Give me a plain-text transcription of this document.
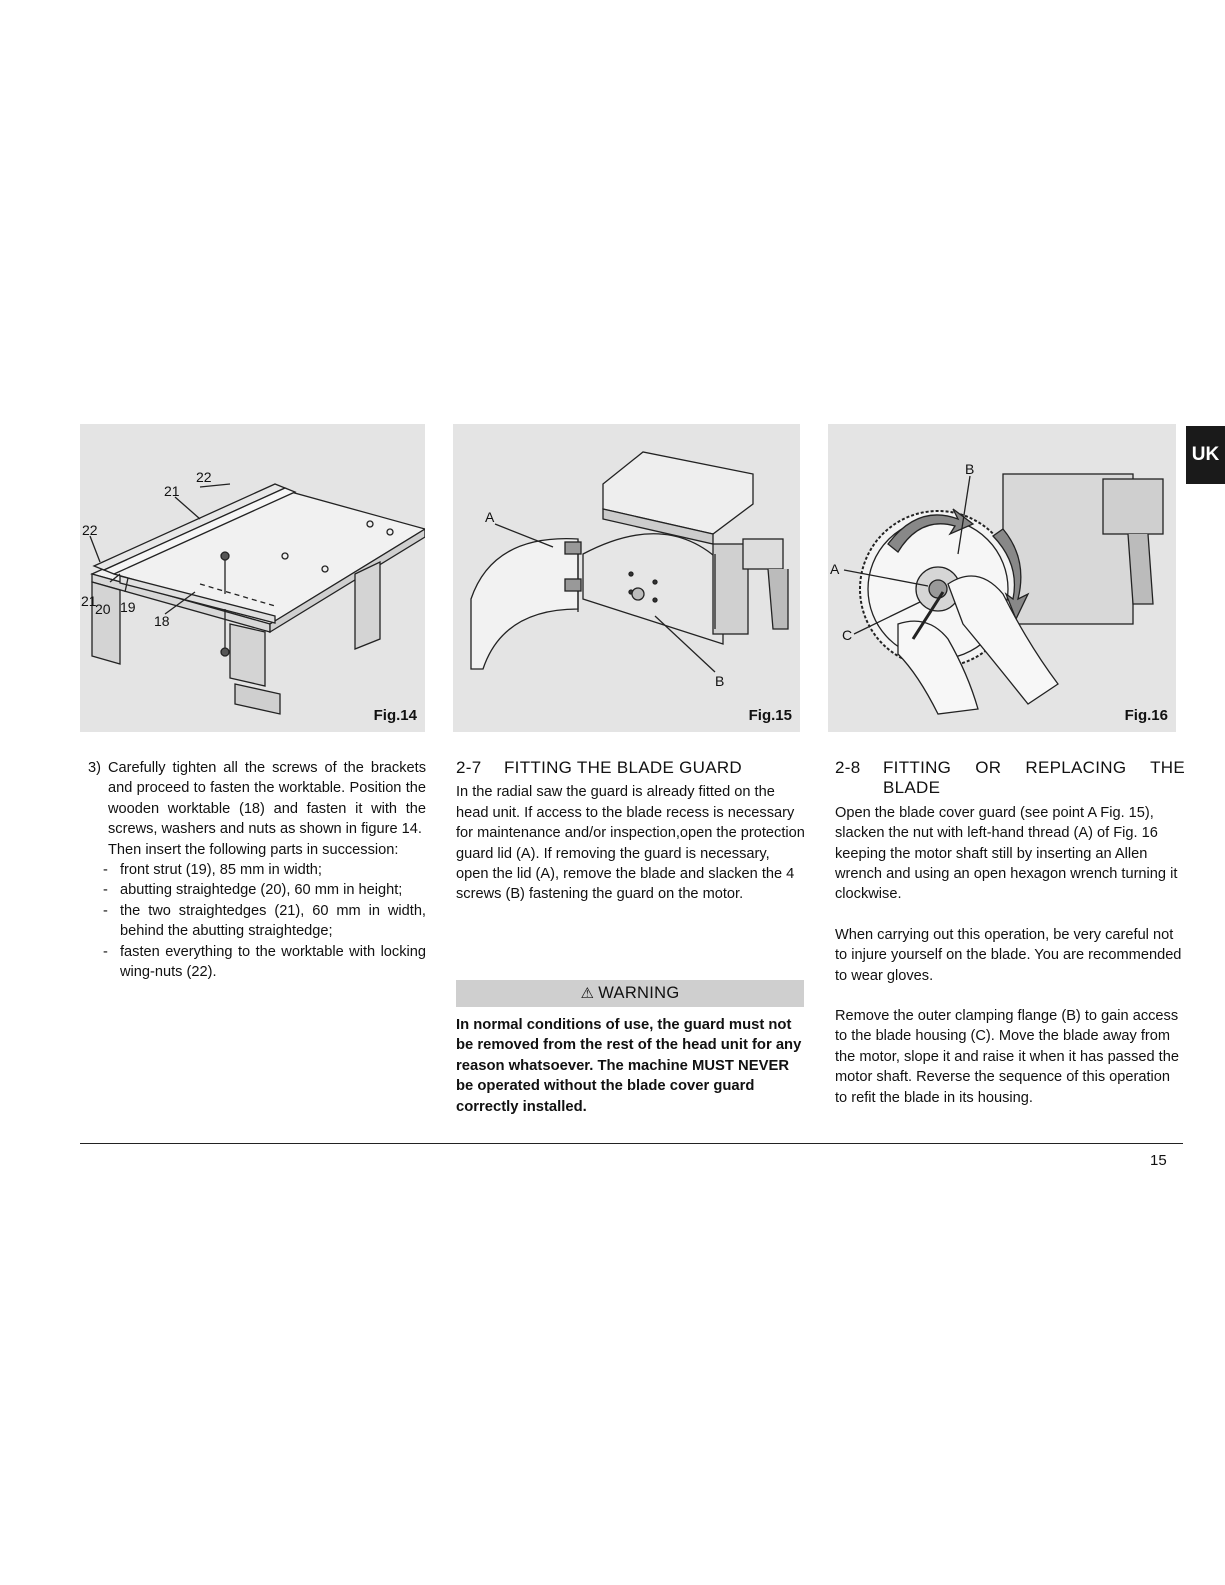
22
21
22
21
20 19
18
Fig.14
A
B
Fig.15
B
A
C
Fig.16
UK
3) Carefully tighten all the screws of the brackets and proceed to fasten the worktable. Position the wooden worktable (18) and fasten it with the screws, washers and nuts as shown in figure 14.

Then insert the following parts in succession:

- front strut (19), 85 mm in width;

- abutting straightedge (20), 60 mm in height;

- the two straightedges (21), 60 mm in width, behind the abutting straightedge;

- fasten everything to the worktable with locking wing-nuts (22).

2-7	FITTING THE BLADE GUARD

In the radial saw the guard is already fitted on the head unit. If access to the blade recess is necessary for maintenance and/or inspection,open the protection guard lid (A). If removing the guard is necessary, open the lid (A), remove the blade and slacken the 4 screws (B) fastening the guard on the motor.

⚠ WARNING
In normal conditions of use, the guard must not be removed from the rest of the head unit for any reason whatsoever. The machine MUST NEVER be operated without the blade cover guard correctly installed.
2-8	FITTING OR REPLACING THE BLADE

Open the blade cover guard (see point A Fig. 15), slacken the nut with left-hand thread (A) of Fig. 16 keeping the motor shaft still by inserting an Allen wrench and using an open hexagon wrench turning it clockwise.

When carrying out this operation, be very careful not to injure yourself on the blade. You are recommended to wear gloves.

Remove the outer clamping flange (B) to gain access to the blade housing (C). Move the blade away from the motor, slope it and raise it when it has passed the motor shaft. Reverse the sequence of this operation to refit the blade in its housing.

15
